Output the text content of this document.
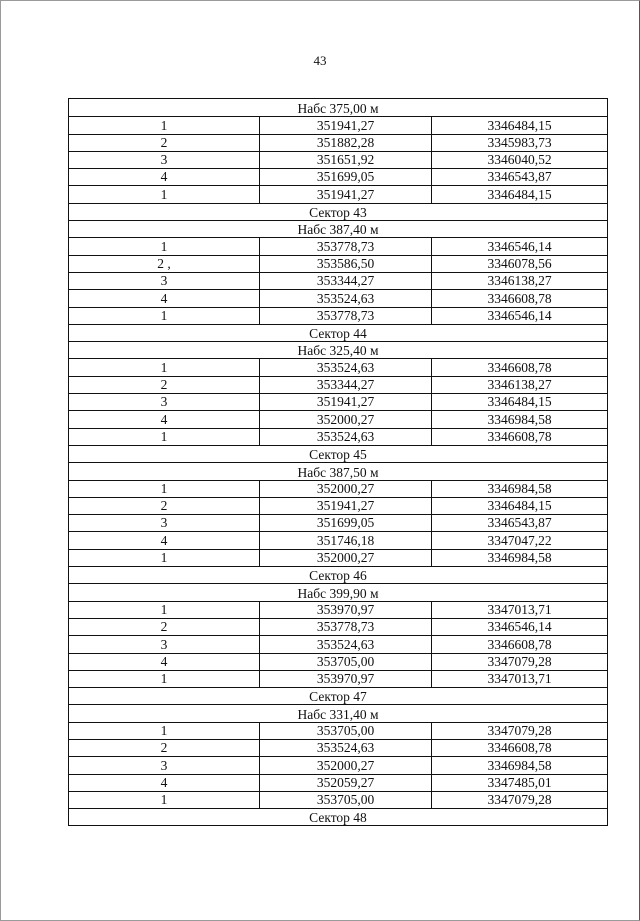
43
Набс 375,00 м
1	351941,27	3346484,15
2	351882,28	3345983,73
3	351651,92	3346040,52
4	351699,05	3346543,87
1	351941,27	3346484,15
Сектор 43
Набс 387,40 м
1	353778,73	3346546,14
2 ,	353586,50	3346078,56
3	353344,27	3346138,27
4	353524,63	3346608,78
1	353778,73	3346546,14
Сектор 44
Набс 325,40 м
1	353524,63	3346608,78
2	353344,27	3346138,27
3	351941,27	3346484,15
4	352000,27	3346984,58
1	353524,63	3346608,78
Сектор 45
Набс 387,50 м
1	352000,27	3346984,58
2	351941,27	3346484,15
3	351699,05	3346543,87
4	351746,18	3347047,22
1	352000,27	3346984,58
Сектор 46
Набс 399,90 м
1	353970,97	3347013,71
2	353778,73	3346546,14
3	353524,63	3346608,78
4	353705,00	3347079,28
1	353970,97	3347013,71
Сектор 47
Набс 331,40 м
1	353705,00	3347079,28
2	353524,63	3346608,78
3	352000,27	3346984,58
4	352059,27	3347485,01
1	353705,00	3347079,28
Сектор 48
